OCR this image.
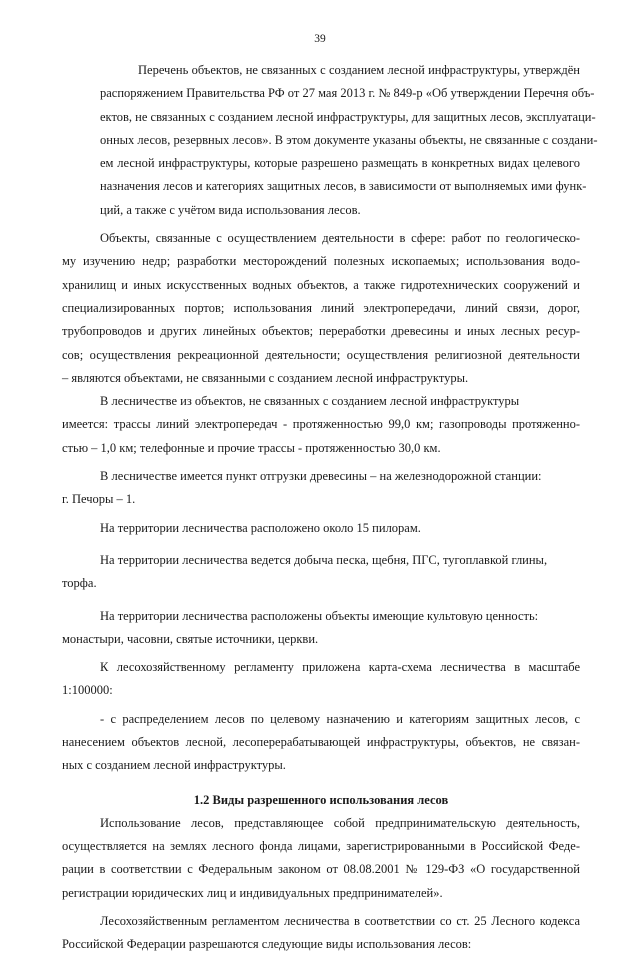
39

Перечень объектов, не связанных с созданием лесной инфраструктуры, утверждён
распоряжением Правительства РФ от 27 мая 2013 г. № 849-р «Об утверждении Перечня объ-
ектов, не связанных с созданием лесной инфраструктуры, для защитных лесов, эксплуатаци-
онных лесов, резервных лесов». В этом документе указаны объекты, не связанные с создани-
ем лесной инфраструктуры, которые разрешено размещать в конкретных видах целевого
назначения лесов и категориях защитных лесов, в зависимости от выполняемых ими функ-
ций, а также с учётом вида использования лесов.

Объекты, связанные с осуществлением деятельности в сфере: работ по геологическо-
му изучению недр; разработки месторождений полезных ископаемых; использования водо-
хранилищ и иных искусственных водных объектов, а также гидротехнических сооружений и
специализированных портов; использования линий электропередачи, линий связи, дорог,
трубопроводов и других линейных объектов; переработки древесины и иных лесных ресур-
сов; осуществления рекреационной деятельности; осуществления религиозной деятельности
– являются объектами, не связанными с созданием лесной инфраструктуры.

В лесничестве из объектов, не связанных с созданием лесной инфраструктуры
имеется: трассы линий электропередач - протяженностью 99,0 км; газопроводы протяженно-
стью – 1,0 км; телефонные и прочие трассы - протяженностью 30,0 км.

В лесничестве имеется пункт отгрузки древесины – на железнодорожной станции:
г. Печоры – 1.

На территории лесничества расположено около 15 пилорам.

На территории лесничества ведется добыча песка, щебня, ПГС, тугоплавкой глины,
торфа.

На территории лесничества расположены объекты имеющие культовую ценность:
монастыри, часовни, святые источники, церкви.

К лесохозяйственному регламенту приложена карта-схема лесничества в масштабе
1:100000:

- с распределением лесов по целевому назначению и категориям защитных лесов, с
нанесением объектов лесной, лесоперерабатывающей инфраструктуры, объектов, не связан-
ных с созданием лесной инфраструктуры.

1.2 Виды разрешенного использования лесов

Использование лесов, представляющее собой предпринимательскую деятельность,
осуществляется на землях лесного фонда лицами, зарегистрированными в Российской Феде-
рации в соответствии с Федеральным законом от 08.08.2001 № 129-ФЗ «О государственной
регистрации юридических лиц и индивидуальных предпринимателей».

Лесохозяйственным регламентом лесничества в соответствии со ст. 25 Лесного кодекса
Российской Федерации разрешаются следующие виды использования лесов:
